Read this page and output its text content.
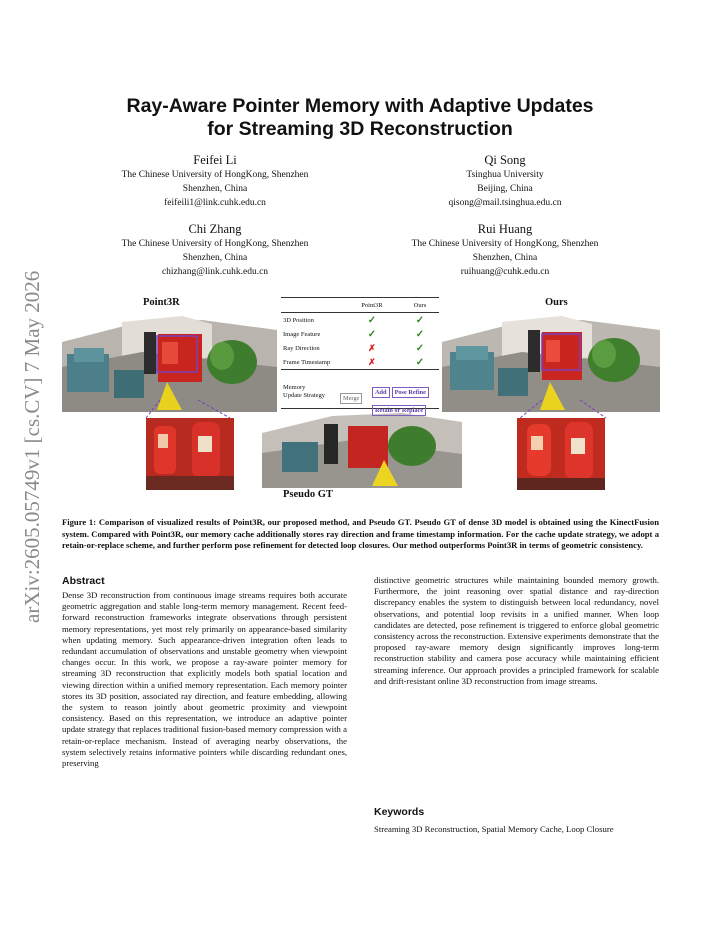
arXiv:2605.05749v1 [cs.CV] 7 May 2026
Ray-Aware Pointer Memory with Adaptive Updates
for Streaming 3D Reconstruction
Feifei Li
The Chinese University of HongKong, Shenzhen
Shenzhen, China
feifeili1@link.cuhk.edu.cn
Qi Song
Tsinghua University
Beijing, China
qisong@mail.tsinghua.edu.cn
Chi Zhang
The Chinese University of HongKong, Shenzhen
Shenzhen, China
chizhang@link.cuhk.edu.cn
Rui Huang
The Chinese University of HongKong, Shenzhen
Shenzhen, China
ruihuang@cuhk.edu.cn
Point3R	Ours
Pseudo GT
	Point3R	Ours
3D Position	✓	✓
Image Feature	✓	✓
Ray Direction	✗	✓
Frame Timestamp	✗	✓
Memory
Update Strategy	Merge
Add Pose Refine
Retain or Replace
Figure 1: Comparison of visualized results of Point3R, our proposed method, and Pseudo GT. Pseudo GT of dense 3D model is obtained using the KinectFusion system. Compared with Point3R, our memory cache additionally stores ray direction and frame timestamp information. For the cache update strategy, we adopt a retain-or-replace scheme, and further perform pose refinement for detected loop closures. Our method outperforms Point3R in terms of geometric consistency.
Abstract
Dense 3D reconstruction from continuous image streams requires both accurate geometric aggregation and stable long-term memory management. Recent feed-forward reconstruction frameworks integrate observations through persistent memory representations, yet most rely primarily on appearance-based similarity when updating memory. Such appearance-driven integration often leads to redundant accumulation of observations and unstable geometry when viewpoint changes occur. In this work, we propose a ray-aware pointer memory for streaming 3D reconstruction that explicitly models both spatial location and viewing direction within a unified memory representation. Each memory pointer stores its 3D position, associated ray direction, and feature embedding, allowing the system to reason jointly about geometric proximity and viewpoint consistency. Based on this representation, we introduce an adaptive pointer update strategy that replaces traditional fusion-based memory compression with a retain-or-replace mechanism. Instead of averaging nearby observations, the system selectively retains informative pointers while discarding redundant ones, preserving
distinctive geometric structures while maintaining bounded memory growth. Furthermore, the joint reasoning over spatial distance and ray-direction discrepancy enables the system to distinguish between local redundancy, novel observations, and potential loop revisits in a unified manner. When loop candidates are detected, pose refinement is triggered to enforce global geometric consistency across the reconstruction. Extensive experiments demonstrate that the proposed ray-aware memory design significantly improves long-term reconstruction stability and camera pose accuracy while maintaining efficient streaming inference. Our approach provides a principled framework for scalable and drift-resistant online 3D reconstruction from image streams.
Keywords
Streaming 3D Reconstruction, Spatial Memory Cache, Loop Closure
